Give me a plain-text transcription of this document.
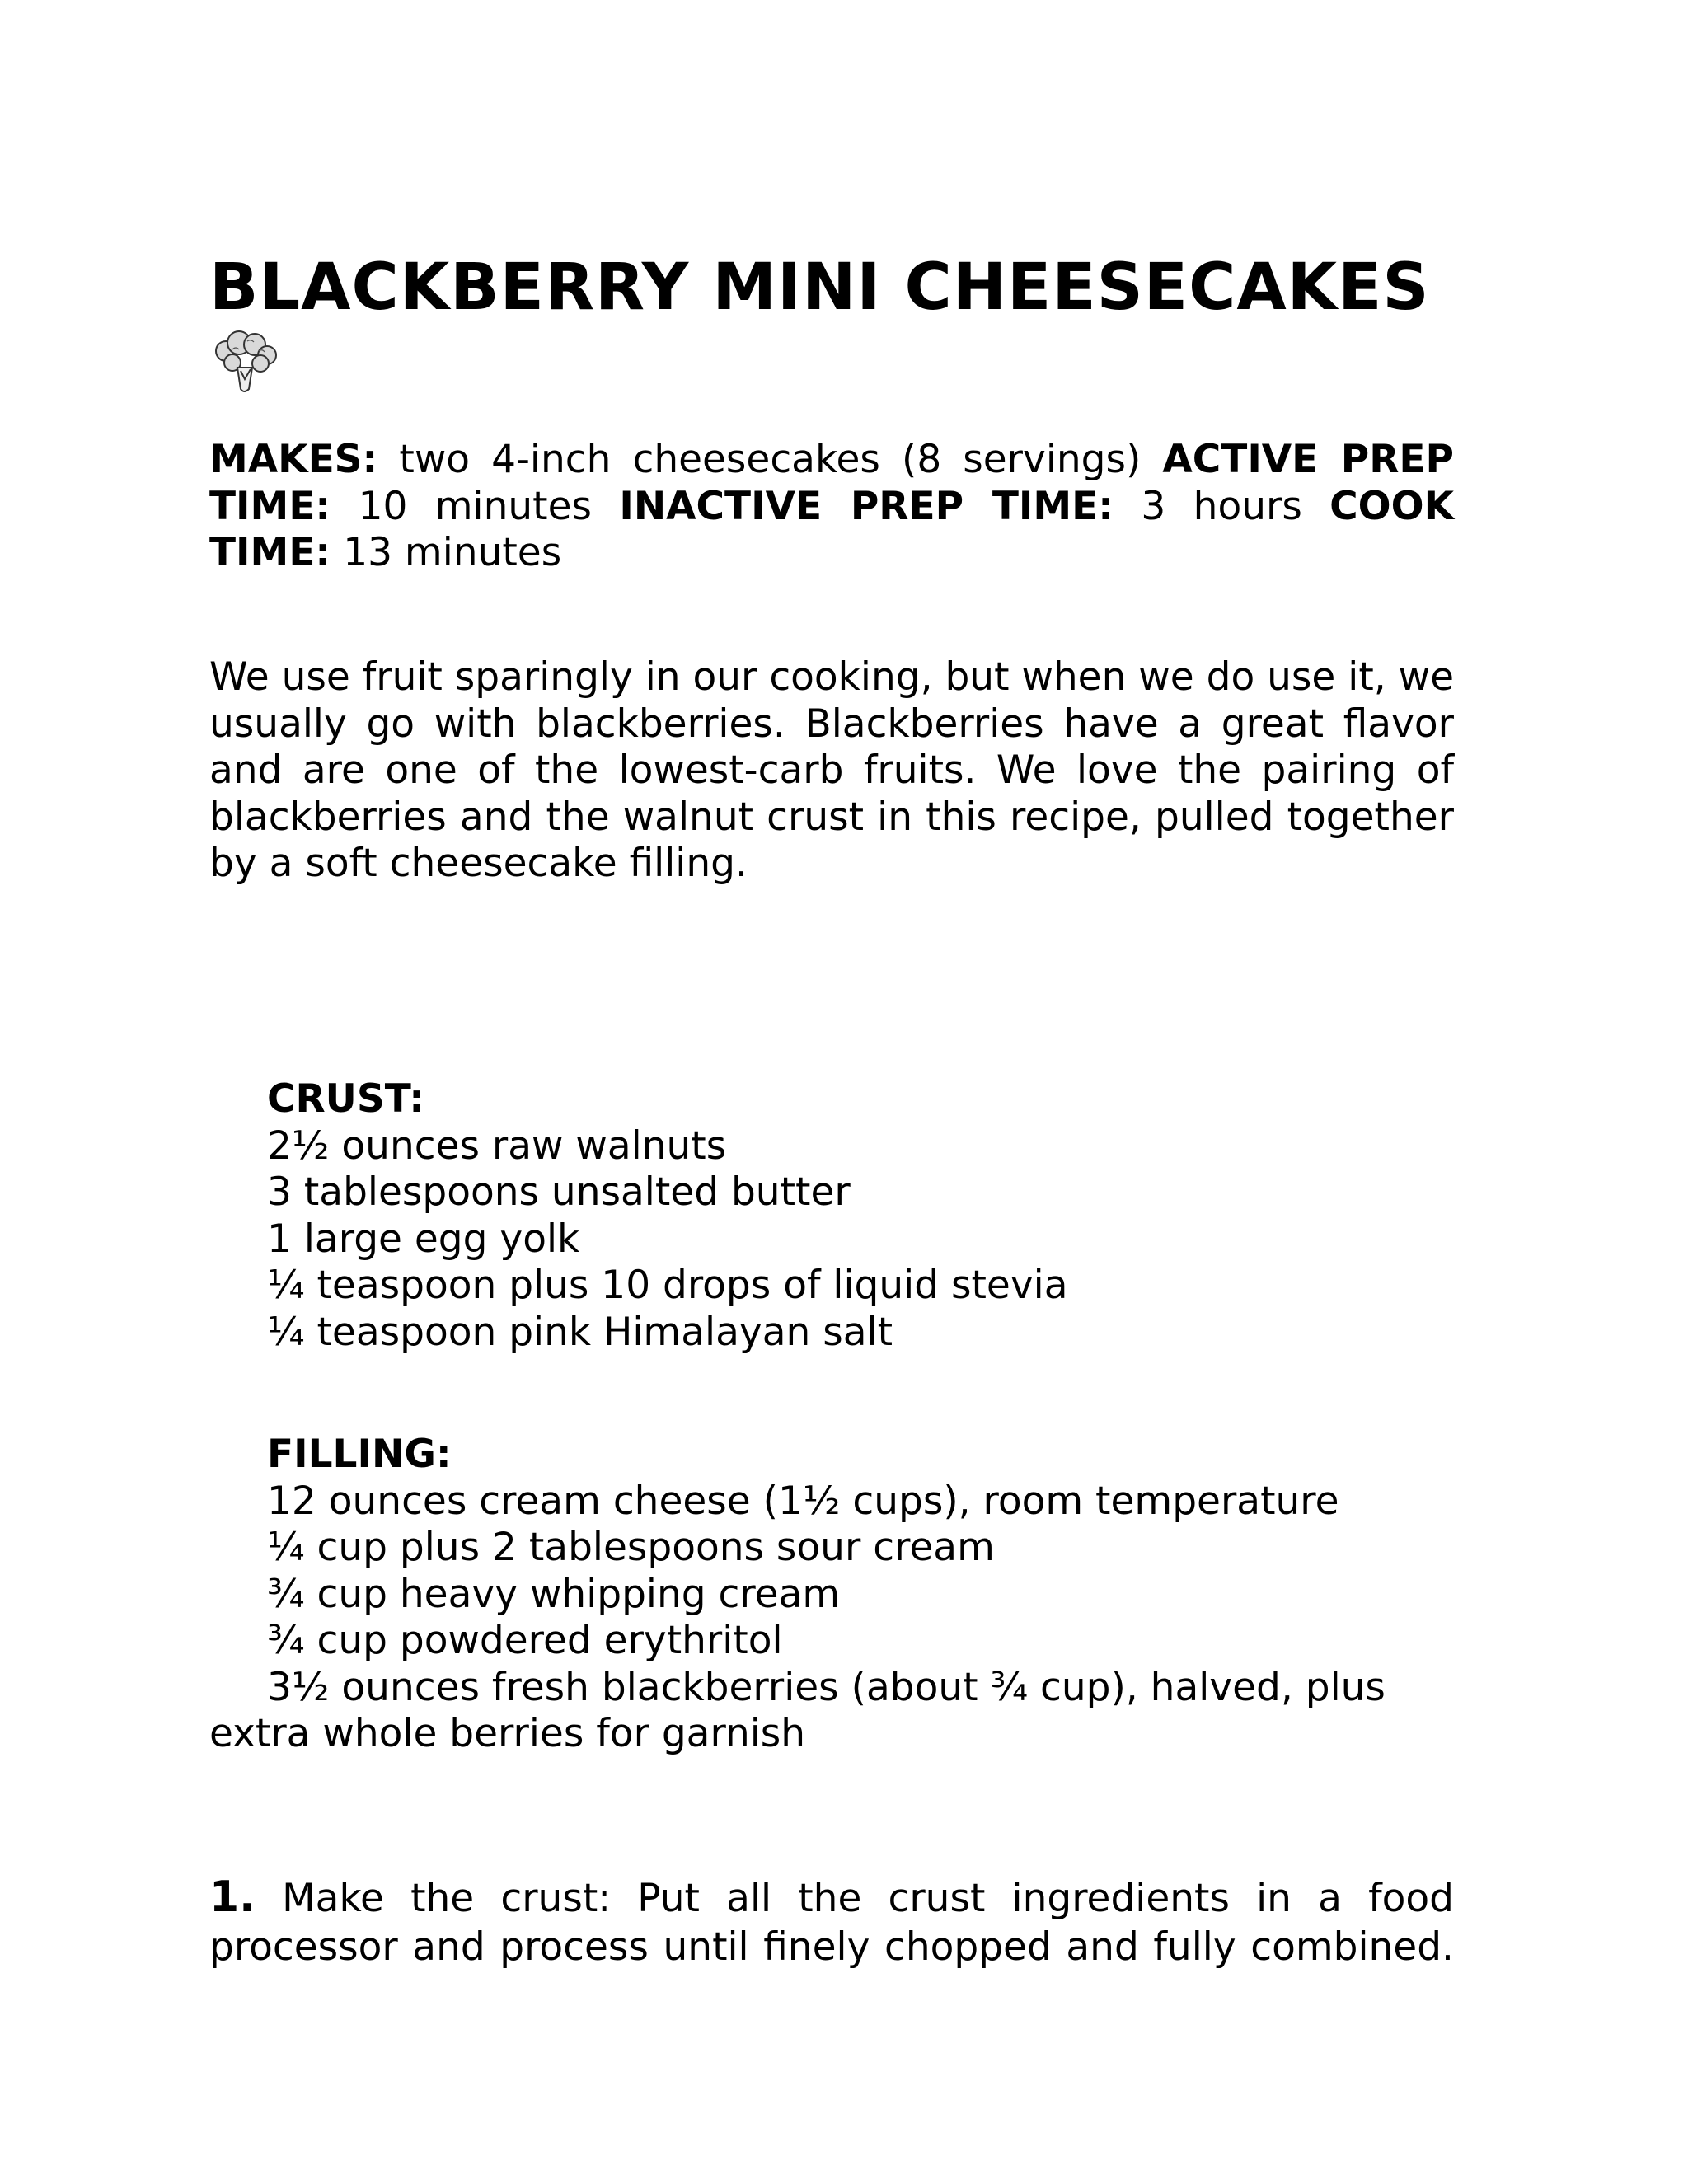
BLACKBERRY MINI CHEESECAKES

MAKES: two 4-inch cheesecakes (8 servings) ACTIVE PREP TIME: 10 minutes INACTIVE PREP TIME: 3 hours COOK TIME: 13 minutes

We use fruit sparingly in our cooking, but when we do use it, we usually go with blackberries. Blackberries have a great flavor and are one of the lowest-carb fruits. We love the pairing of blackberries and the walnut crust in this recipe, pulled together by a soft cheesecake filling.

CRUST:
2½ ounces raw walnuts
3 tablespoons unsalted butter
1 large egg yolk
¼ teaspoon plus 10 drops of liquid stevia
¼ teaspoon pink Himalayan salt
FILLING:
12 ounces cream cheese (1½ cups), room temperature
¼ cup plus 2 tablespoons sour cream
¾ cup heavy whipping cream
¾ cup powdered erythritol
3½ ounces fresh blackberries (about ¾ cup), halved, plus extra whole berries for garnish

1. Make the crust: Put all the crust ingredients in a food processor and process until finely chopped and fully combined.
